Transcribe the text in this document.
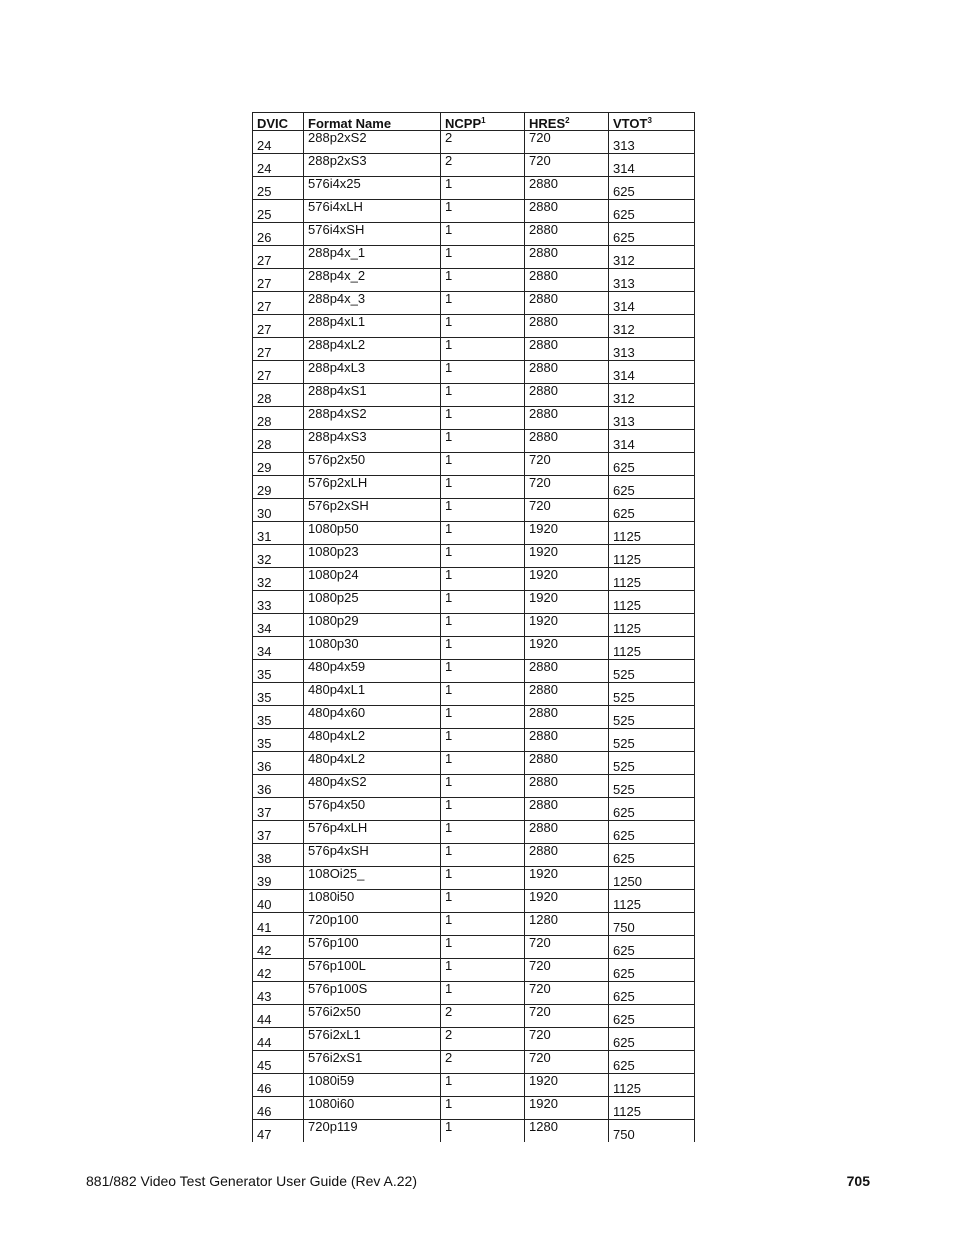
DVIC	Format Name	NCPP$^1$	HRES$^2$	VTOT$^3$
24	288p2xS2	2	720	313
24	288p2xS3	2	720	314
25	576i4x25	1	2880	625
25	576i4xLH	1	2880	625
26	576i4xSH	1	2880	625
27	288p4x_1	1	2880	312
27	288p4x_2	1	2880	313
27	288p4x_3	1	2880	314
27	288p4xL1	1	2880	312
27	288p4xL2	1	2880	313
27	288p4xL3	1	2880	314
28	288p4xS1	1	2880	312
28	288p4xS2	1	2880	313
28	288p4xS3	1	2880	314
29	576p2x50	1	720	625
29	576p2xLH	1	720	625
30	576p2xSH	1	720	625
31	1080p50	1	1920	1125
32	1080p23	1	1920	1125
32	1080p24	1	1920	1125
33	1080p25	1	1920	1125
34	1080p29	1	1920	1125
34	1080p30	1	1920	1125
35	480p4x59	1	2880	525
35	480p4xL1	1	2880	525
35	480p4x60	1	2880	525
35	480p4xL2	1	2880	525
36	480p4xL2	1	2880	525
36	480p4xS2	1	2880	525
37	576p4x50	1	2880	625
37	576p4xLH	1	2880	625
38	576p4xSH	1	2880	625
39	108Oi25_	1	1920	1250
40	1080i50	1	1920	1125
41	720p100	1	1280	750
42	576p100	1	720	625
42	576p100L	1	720	625
43	576p100S	1	720	625
44	576i2x50	2	720	625
44	576i2xL1	2	720	625
45	576i2xS1	2	720	625
46	1080i59	1	1920	1125
46	1080i60	1	1920	1125
47	720p119	1	1280	750
881/882 Video Test Generator User Guide (Rev A.22)	705
